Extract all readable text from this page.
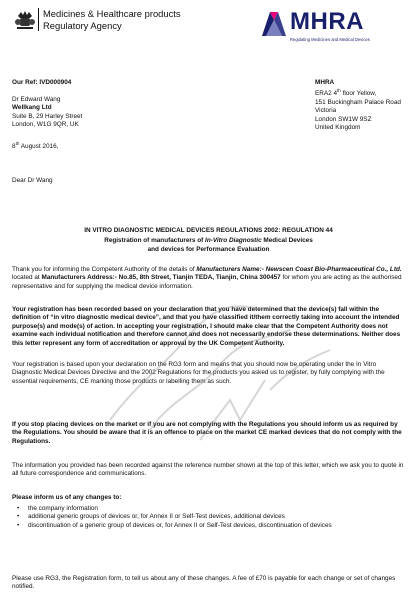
Medicines & Healthcare products
Regulatory Agency	MHRA
Regulating Medicines and Medical Devices
Our Ref: IVD000904
Dr Edward Wang
Wellkang Ltd
Suite B, 29 Harley Street
London, W1G 9QR, UK
MHRA
ERA2 4th floor Yellow,
151 Buckingham Palace Road
Victoria
London SW1W 9SZ
United Kingdom
8th August 2016,
Dear Dr Wang
IN VITRO DIAGNOSTIC MEDICAL DEVICES REGULATIONS 2002: REGULATION 44
Registration of manufacturers of In-Vitro Diagnostic Medical Devices
and devices for Performance Evaluation
Thank you for informing the Competent Authority of the details of Manufacturers Name:- Newscen Coast Bio-Pharmaceutical Co., Ltd. located at Manufacturers Address:- No.85, 8th Street, Tianjin TEDA, Tianjin, China 300457 for whom you are acting as the authorised representative and for supplying the medical device information.
Your registration has been recorded based on your declaration that you have determined that the device(s) fall within the definition of “in vitro diagnostic medical device”, and that you have classified it/them correctly taking into account the intended purpose(s) and mode(s) of action. In accepting your registration, I should make clear that the Competent Authority does not examine each individual notification and therefore cannot and does not necessarily endorse these determinations. Neither does this letter represent any form of accreditation or approval by the UK Competent Authority.
Your registration is based upon your declaration on the RG3 form and means that you should now be operating under the In Vitro Diagnostic Medical Devices Directive and the 2002 Regulations for the products you asked us to register, by fully complying with the essential requirements, CE marking those products or labelling them as such.
If you stop placing devices on the market or if you are not complying with the Regulations you should inform us as required by the Regulations. You should be aware that it is an offence to place on the market CE marked devices that do not comply with the Regulations.
The information you provided has been recorded against the reference number shown at the top of this letter, which we ask you to quote in all future correspondence and communications.
Please inform us of any changes to:
• the company information
• additional generic groups of devices or, for Annex II or Self-Test devices, additional devices
• discontinuation of a generic group of devices or, for Annex II or Self-Test devices, discontinuation of devices
Please use RG3, the Registration form, to tell us about any of these changes. A fee of £70 is payable for each change or set of changes notified.
